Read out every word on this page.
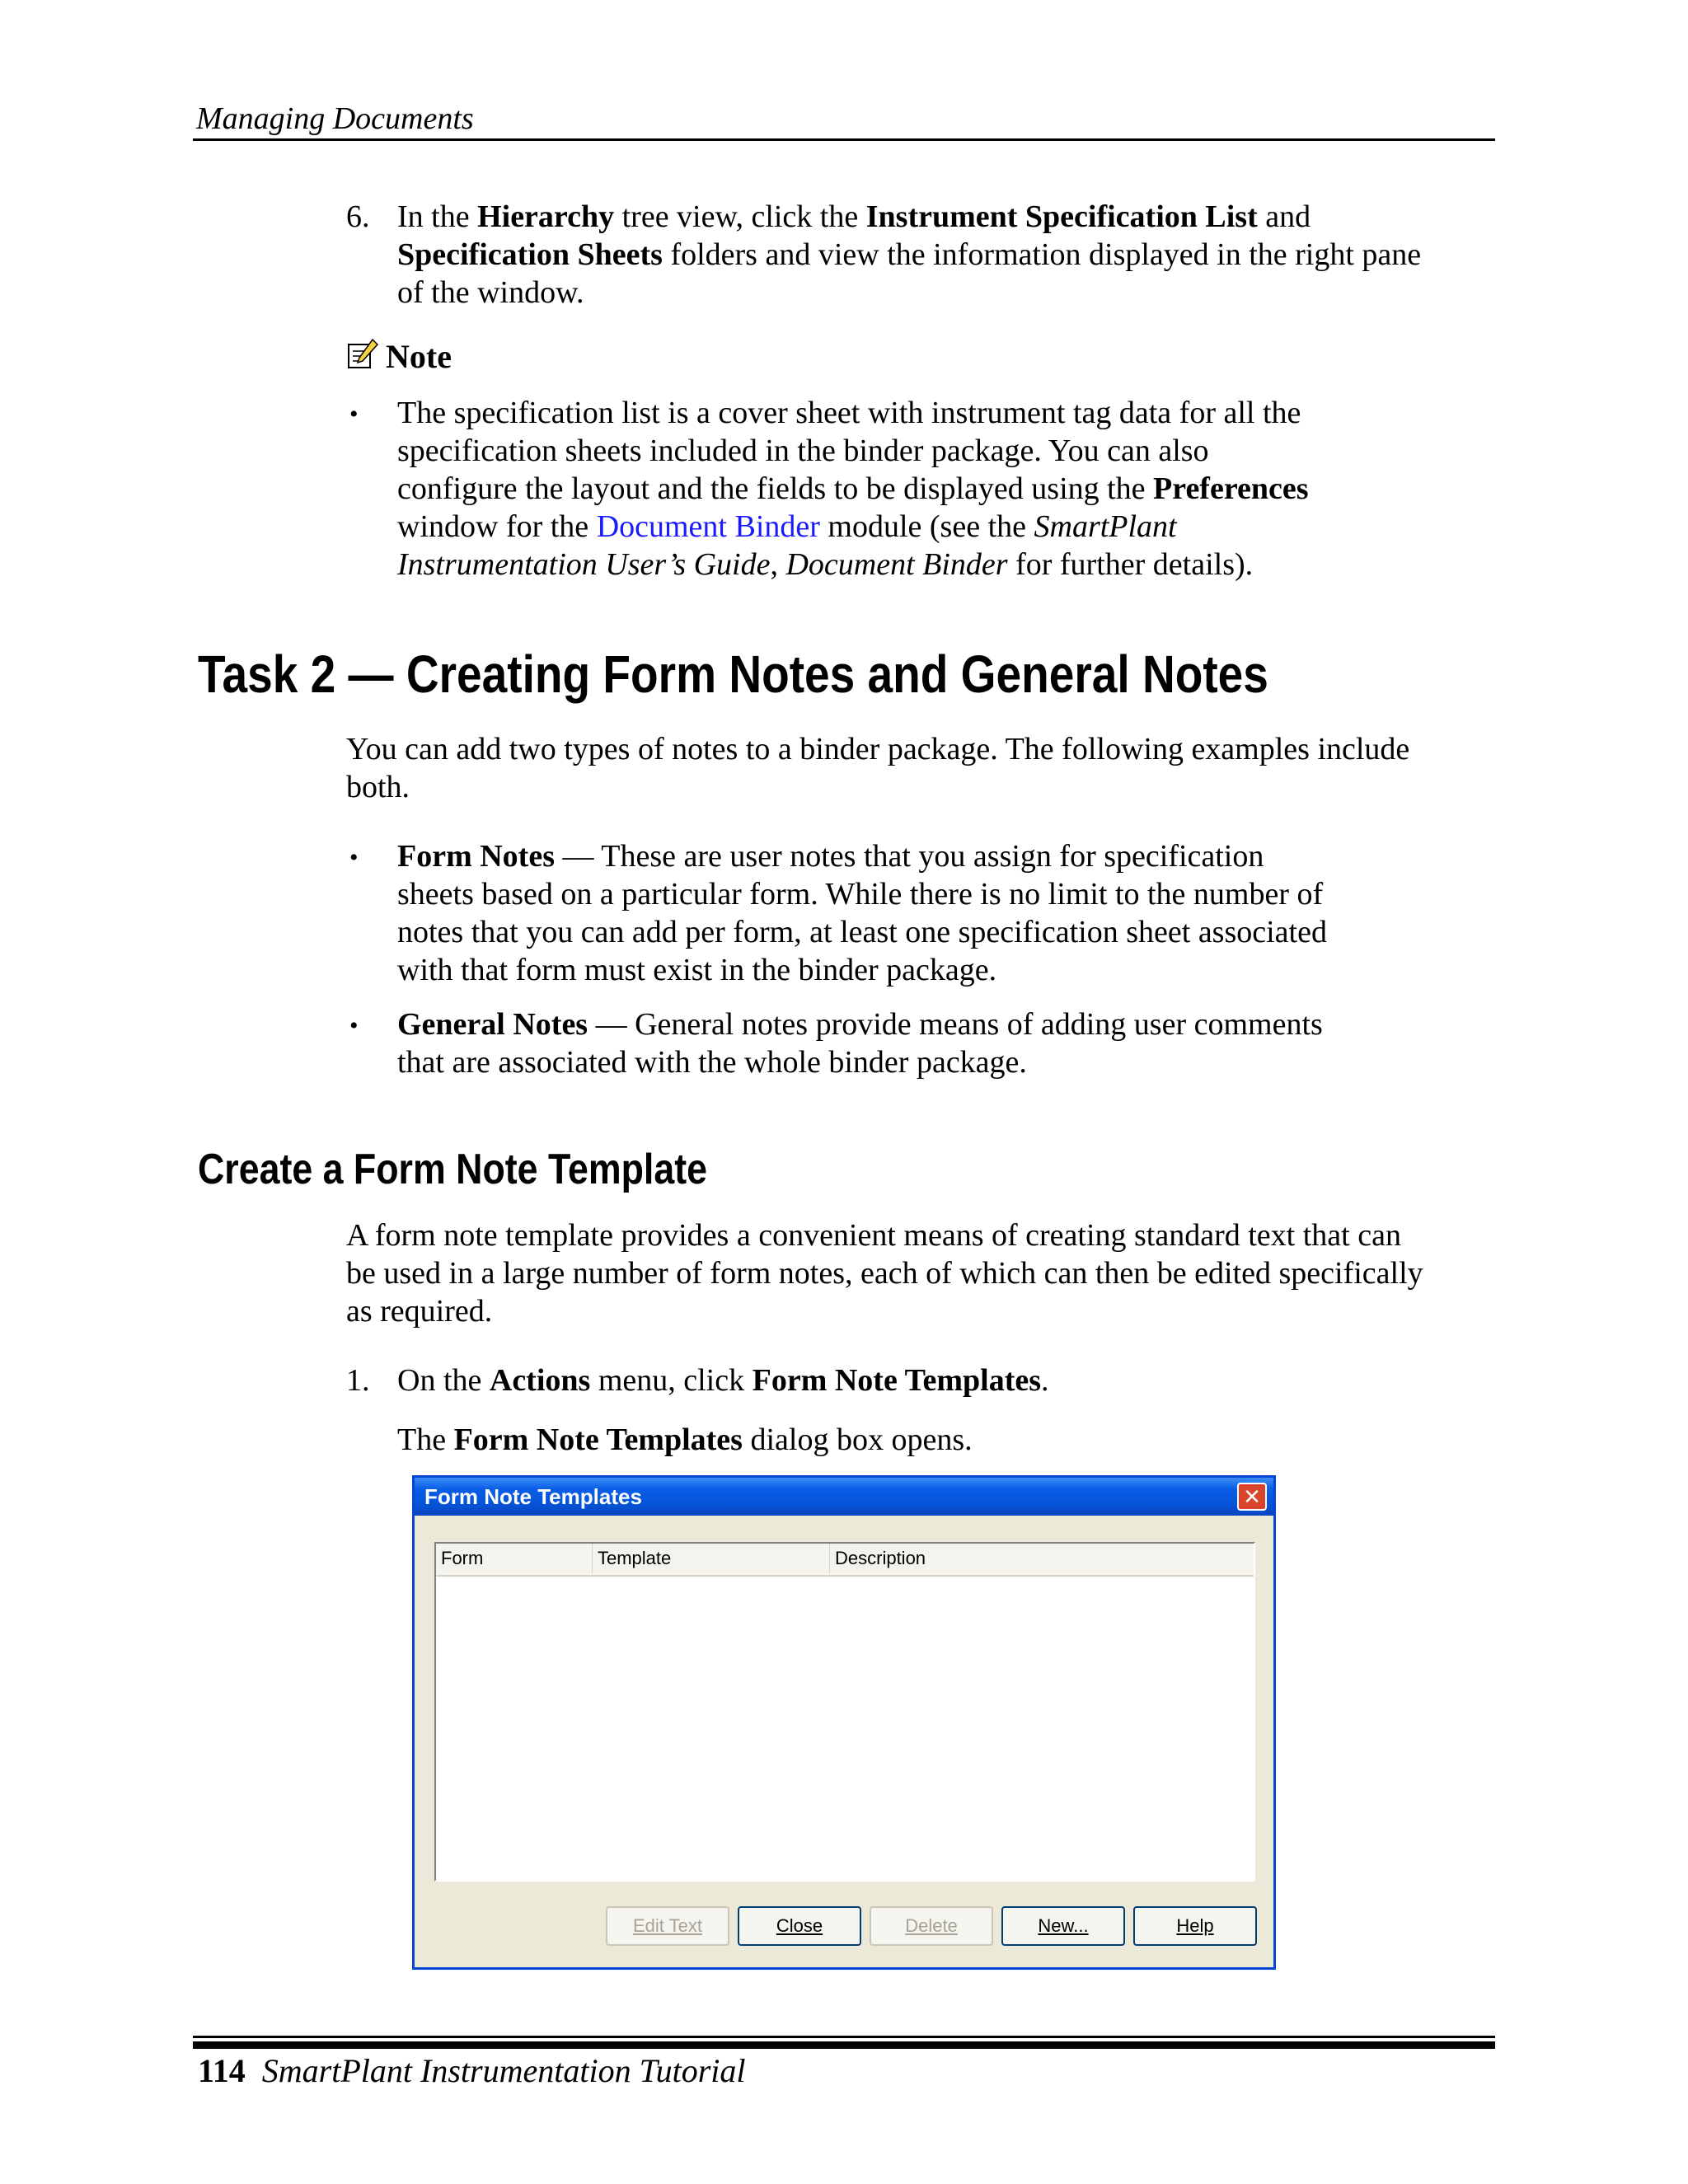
Managing Documents
6. In the Hierarchy tree view, click the Instrument Specification List and
Specification Sheets folders and view the information displayed in the right pane
of the window.
Note
• The specification list is a cover sheet with instrument tag data for all the
specification sheets included in the binder package. You can also
configure the layout and the fields to be displayed using the Preferences
window for the Document Binder module (see the SmartPlant
Instrumentation User’s Guide, Document Binder for further details).
Task 2 — Creating Form Notes and General Notes
You can add two types of notes to a binder package. The following examples include
both.
• Form Notes — These are user notes that you assign for specification
sheets based on a particular form. While there is no limit to the number of
notes that you can add per form, at least one specification sheet associated
with that form must exist in the binder package.
• General Notes — General notes provide means of adding user comments
that are associated with the whole binder package.
Create a Form Note Template
A form note template provides a convenient means of creating standard text that can
be used in a large number of form notes, each of which can then be edited specifically
as required.
1. On the Actions menu, click Form Note Templates.
The Form Note Templates dialog box opens.
Form Note Templates	✕
Form	Template	Description
Edit Text	Close	Delete	New...	Help
114 SmartPlant Instrumentation Tutorial
